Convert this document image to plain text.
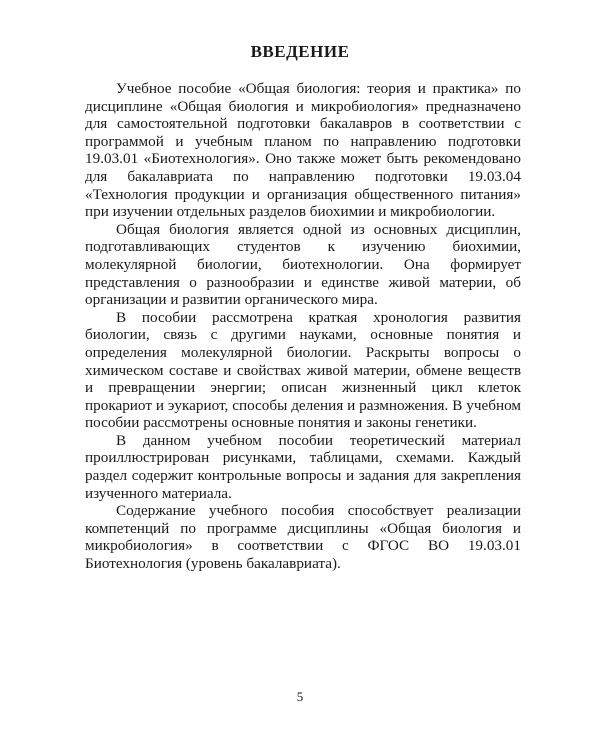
ВВЕДЕНИЕ

Учебное пособие «Общая биология: теория и практика» по дисциплине «Общая биология и микробиология» предназначено для самостоятельной подготовки бакалавров в соответствии с программой и учебным планом по направлению подготовки 19.03.01 «Биотехнология». Оно также может быть рекомендовано для бакалавриата по направлению подготовки 19.03.04 «Технология продукции и организация общественного питания» при изучении отдельных разделов биохимии и микробиологии.

Общая биология является одной из основных дисциплин, подготавливающих студентов к изучению биохимии, молекулярной биологии, биотехнологии. Она формирует представления о разнообразии и единстве живой материи, об организации и развитии органического мира.

В пособии рассмотрена краткая хронология развития биологии, связь с другими науками, основные понятия и определения молекулярной биологии. Раскрыты вопросы о химическом составе и свойствах живой материи, обмене веществ и превращении энергии; описан жизненный цикл клеток прокариот и эукариот, способы деления и размножения. В учебном пособии рассмотрены основные понятия и законы генетики.

В данном учебном пособии теоретический материал проиллюстрирован рисунками, таблицами, схемами. Каждый раздел содержит контрольные вопросы и задания для закрепления изученного материала.

Содержание учебного пособия способствует реализации компетенций по программе дисциплины «Общая биология и микробиология» в соответствии с ФГОС ВО 19.03.01 Биотехнология (уровень бакалавриата).

5
